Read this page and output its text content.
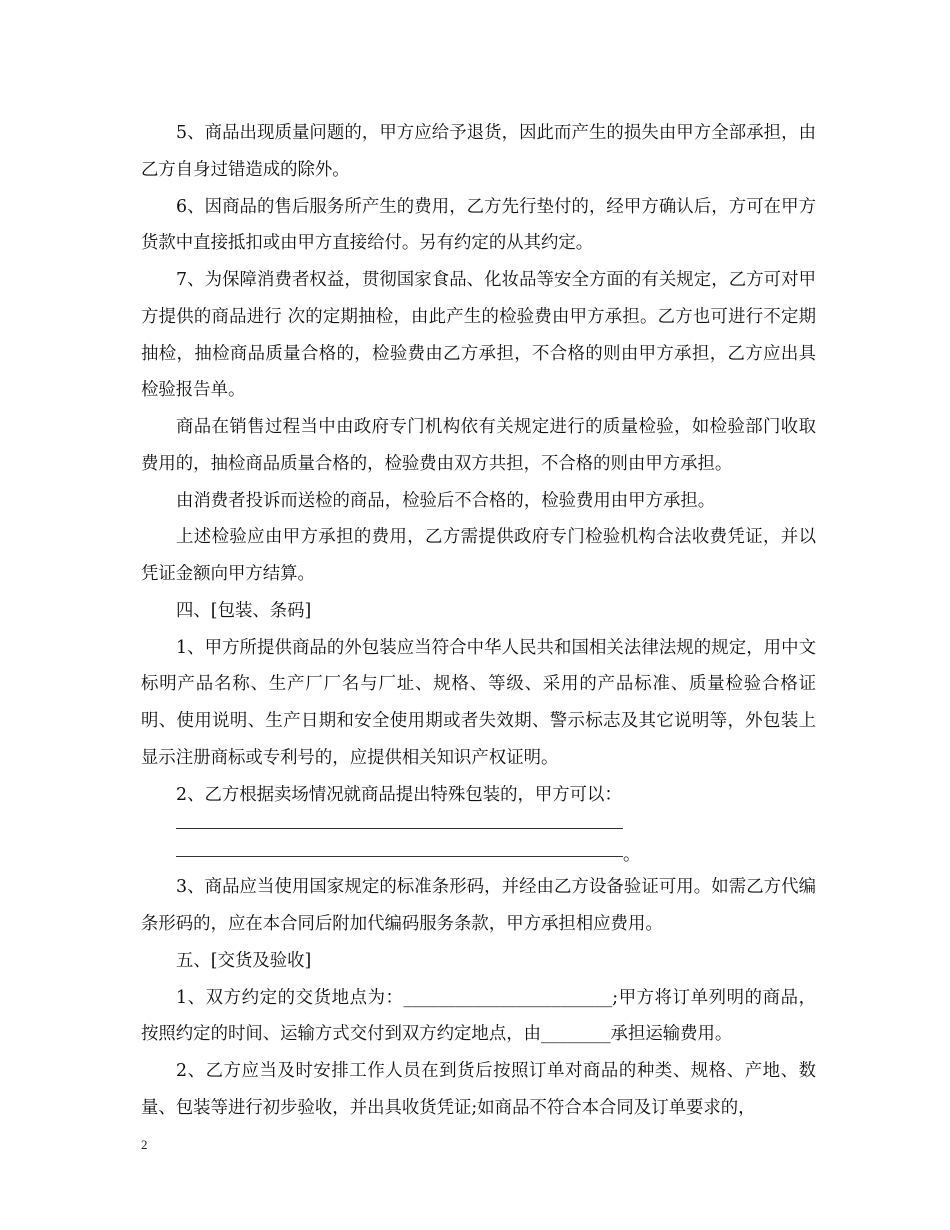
5、商品出现质量问题的，甲方应给予退货，因此而产生的损失由甲方全部承担，由乙方自身过错造成的除外。

6、因商品的售后服务所产生的费用，乙方先行垫付的，经甲方确认后，方可在甲方货款中直接抵扣或由甲方直接给付。另有约定的从其约定。

7、为保障消费者权益，贯彻国家食品、化妆品等安全方面的有关规定，乙方可对甲方提供的商品进行 次的定期抽检，由此产生的检验费由甲方承担。乙方也可进行不定期抽检，抽检商品质量合格的，检验费由乙方承担，不合格的则由甲方承担，乙方应出具检验报告单。

商品在销售过程当中由政府专门机构依有关规定进行的质量检验，如检验部门收取费用的，抽检商品质量合格的，检验费由双方共担，不合格的则由甲方承担。

由消费者投诉而送检的商品，检验后不合格的，检验费用由甲方承担。

上述检验应由甲方承担的费用，乙方需提供政府专门检验机构合法收费凭证，并以凭证金额向甲方结算。

四、[包装、条码]

1、甲方所提供商品的外包装应当符合中华人民共和国相关法律法规的规定，用中文标明产品名称、生产厂厂名与厂址、规格、等级、采用的产品标准、质量检验合格证明、使用说明、生产日期和安全使用期或者失效期、警示标志及其它说明等，外包装上显示注册商标或专利号的，应提供相关知识产权证明。

2、乙方根据卖场情况就商品提出特殊包装的，甲方可以：

。

3、商品应当使用国家规定的标准条形码，并经由乙方设备验证可用。如需乙方代编条形码的，应在本合同后附加代编码服务条款，甲方承担相应费用。

五、[交货及验收]

1、双方约定的交货地点为：________________________;甲方将订单列明的商品，按照约定的时间、运输方式交付到双方约定地点，由________承担运输费用。

2、乙方应当及时安排工作人员在到货后按照订单对商品的种类、规格、产地、数量、包装等进行初步验收，并出具收货凭证;如商品不符合本合同及订单要求的，

2
